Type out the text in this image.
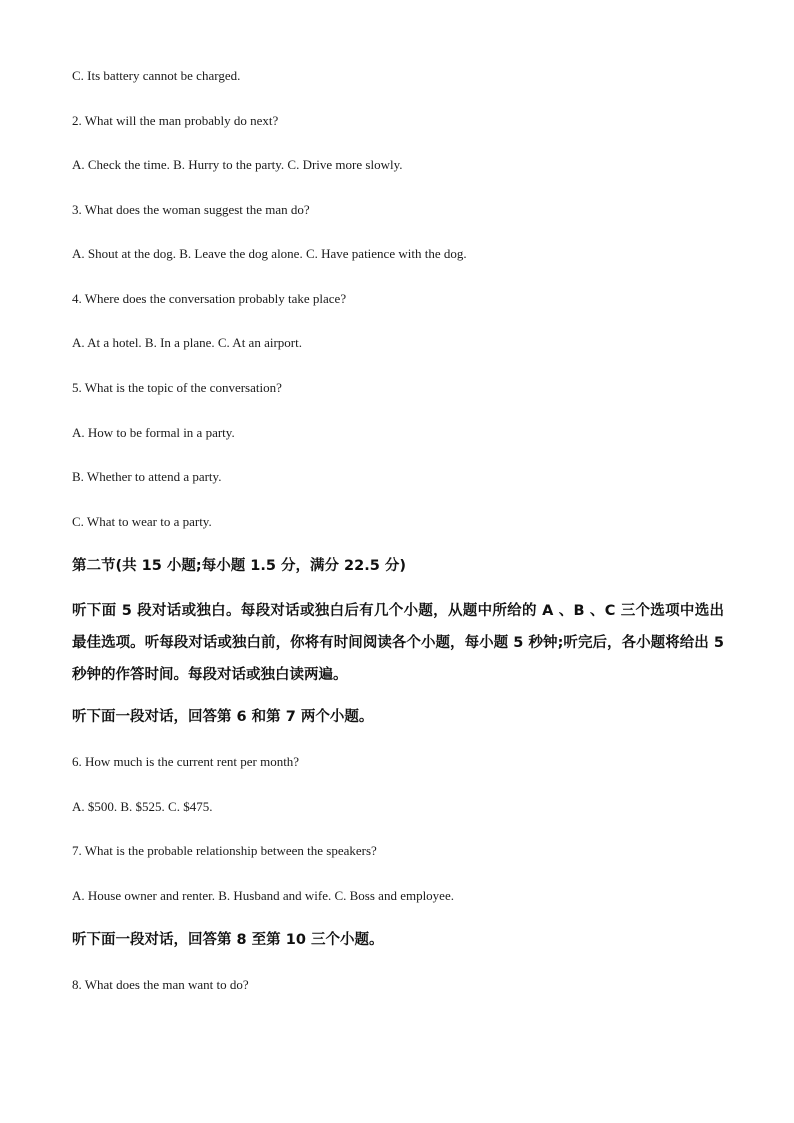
C. Its battery cannot be charged.
2. What will the man probably do next?
A. Check the time. B. Hurry to the party. C. Drive more slowly.
3. What does the woman suggest the man do?
A. Shout at the dog. B. Leave the dog alone. C. Have patience with the dog.
4. Where does the conversation probably take place?
A. At a hotel. B. In a plane. C. At an airport.
5. What is the topic of the conversation?
A. How to be formal in a party.
B. Whether to attend a party.
C. What to wear to a party.
第二节(共 15 小题;每小题 1.5 分，满分 22.5 分)
听下面 5 段对话或独白。每段对话或独白后有几个小题，从题中所给的 A 、B 、C 三个选项中选出最佳选项。听每段对话或独白前，你将有时间阅读各个小题，每小题 5 秒钟;听完后，各小题将给出 5 秒钟的作答时间。每段对话或独白读两遍。
听下面一段对话，回答第 6 和第 7 两个小题。
6. How much is the current rent per month?
A. $500. B. $525. C. $475.
7. What is the probable relationship between the speakers?
A. House owner and renter. B. Husband and wife. C. Boss and employee.
听下面一段对话，回答第 8 至第 10 三个小题。
8. What does the man want to do?
